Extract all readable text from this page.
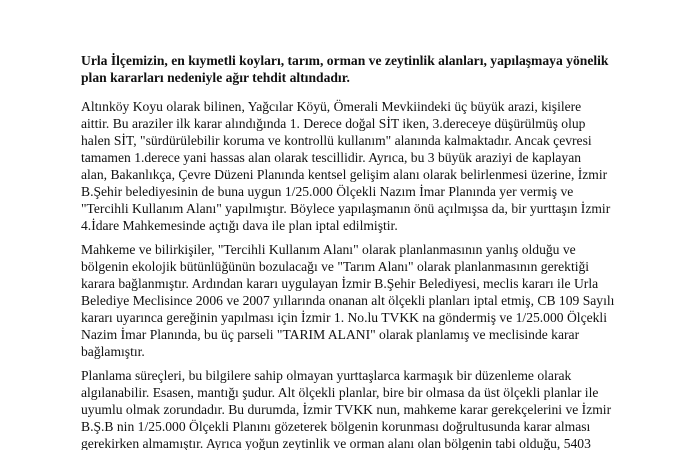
Urla İlçemizin, en kıymetli koyları, tarım, orman ve zeytinlik alanları, yapılaşmaya yönelik
plan kararları nedeniyle ağır tehdit altındadır.

Altınköy Koyu olarak bilinen, Yağcılar Köyü, Ömerali Mevkiindeki üç büyük arazi, kişilere
aittir. Bu araziler ilk karar alındığında 1. Derece doğal SİT iken, 3.dereceye düşürülmüş olup
halen SİT, "sürdürülebilir koruma ve kontrollü kullanım" alanında kalmaktadır. Ancak çevresi
tamamen 1.derece yani hassas alan olarak tescillidir. Ayrıca, bu 3 büyük araziyi de kaplayan
alan, Bakanlıkça, Çevre Düzeni Planında kentsel gelişim alanı olarak belirlenmesi üzerine, İzmir
B.Şehir belediyesinin de buna uygun 1/25.000 Ölçekli Nazım İmar Planında yer vermiş ve
"Tercihli Kullanım Alanı" yapılmıştır. Böylece yapılaşmanın önü açılmışsa da, bir yurttaşın İzmir
4.İdare Mahkemesinde açtığı dava ile plan iptal edilmiştir.

Mahkeme ve bilirkişiler, "Tercihli Kullanım Alanı" olarak planlanmasının yanlış olduğu ve
bölgenin ekolojik bütünlüğünün bozulacağı ve "Tarım Alanı" olarak planlanmasının gerektiği
karara bağlanmıştır. Ardından kararı uygulayan İzmir B.Şehir Belediyesi, meclis kararı ile Urla
Belediye Meclisince 2006 ve 2007 yıllarında onanan alt ölçekli planları iptal etmiş, CB 109 Sayılı
kararı uyarınca gereğinin yapılması için İzmir 1. No.lu TVKK na göndermiş ve 1/25.000 Ölçekli
Nazim İmar Planında, bu üç parseli "TARIM ALANI" olarak planlamış ve meclisinde karar
bağlamıştır.

Planlama süreçleri, bu bilgilere sahip olmayan yurttaşlarca karmaşık bir düzenleme olarak
algılanabilir. Esasen, mantığı şudur. Alt ölçekli planlar, bire bir olmasa da üst ölçekli planlar ile
uyumlu olmak zorundadır. Bu durumda, İzmir TVKK nun, mahkeme karar gerekçelerini ve İzmir
B.Ş.B nin 1/25.000 Ölçekli Planını gözeterek bölgenin korunması doğrultusunda karar alması
gerekirken almamıştır. Ayrıca yoğun zeytinlik ve orman alanı olan bölgenin tabi olduğu, 5403
